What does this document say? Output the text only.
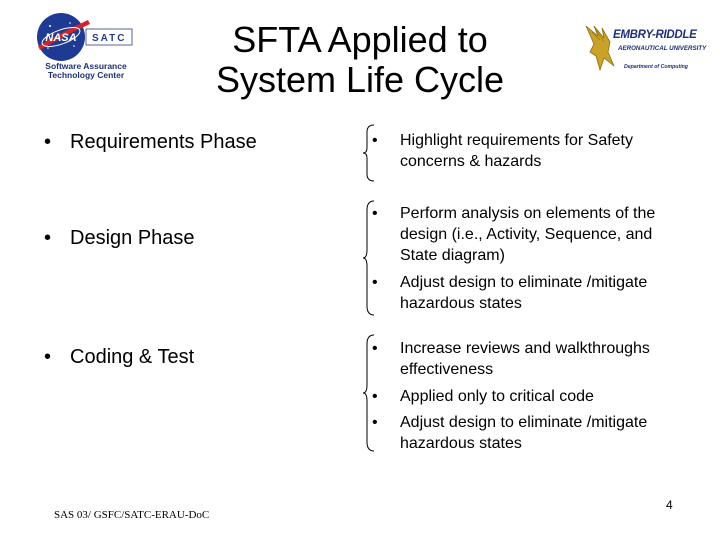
SFTA Applied to
System Life Cycle
NASA SATC
Software Assurance
Technology Center
EMBRY-RIDDLE
AERONAUTICAL UNIVERSITY
Department of Computing
• Requirements Phase
• Design Phase
• Coding & Test
• Highlight requirements for Safety concerns & hazards
• Perform analysis on elements of the design (i.e., Activity, Sequence, and State diagram)
• Adjust design to eliminate /mitigate hazardous states
• Increase reviews and walkthroughs effectiveness
• Applied only to critical code
• Adjust design to eliminate /mitigate hazardous states
SAS 03/ GSFC/SATC-ERAU-DoC
4
